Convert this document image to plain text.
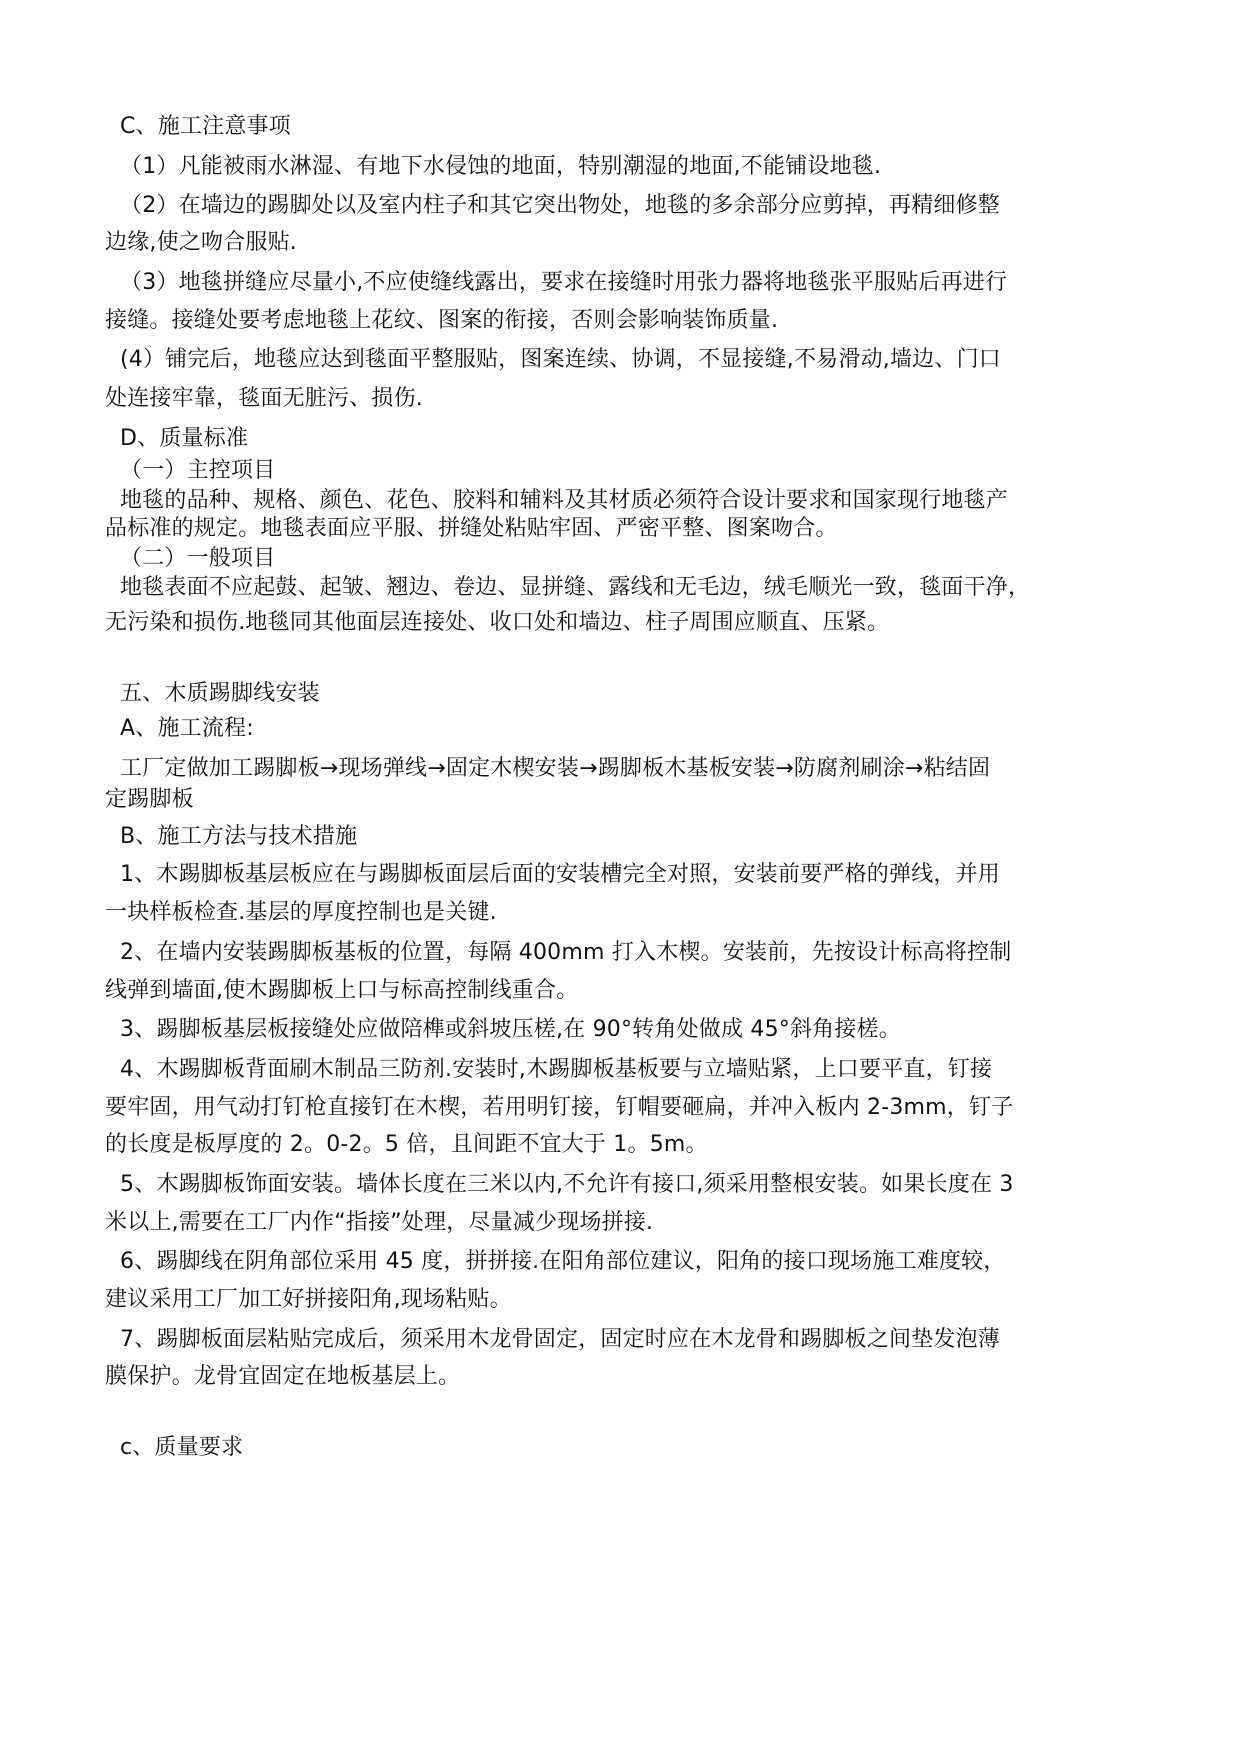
C、施工注意事项
（1）凡能被雨水淋湿、有地下水侵蚀的地面，特别潮湿的地面,不能铺设地毯.
（2）在墙边的踢脚处以及室内柱子和其它突出物处，地毯的多余部分应剪掉，再精细修整
边缘,使之吻合服贴.
（3）地毯拼缝应尽量小,不应使缝线露出，要求在接缝时用张力器将地毯张平服贴后再进行
接缝。接缝处要考虑地毯上花纹、图案的衔接，否则会影响装饰质量.
(4）铺完后，地毯应达到毯面平整服贴，图案连续、协调，不显接缝,不易滑动,墙边、门口
处连接牢靠，毯面无脏污、损伤.
D、质量标准
（一）主控项目
地毯的品种、规格、颜色、花色、胶料和辅料及其材质必须符合设计要求和国家现行地毯产
品标准的规定。地毯表面应平服、拼缝处粘贴牢固、严密平整、图案吻合。
（二）一般项目
地毯表面不应起鼓、起皱、翘边、卷边、显拼缝、露线和无毛边，绒毛顺光一致，毯面干净，
无污染和损伤.地毯同其他面层连接处、收口处和墙边、柱子周围应顺直、压紧。
五、木质踢脚线安装
A、施工流程:
工厂定做加工踢脚板→现场弹线→固定木楔安装→踢脚板木基板安装→防腐剂刷涂→粘结固
定踢脚板
B、施工方法与技术措施
1、木踢脚板基层板应在与踢脚板面层后面的安装槽完全对照，安装前要严格的弹线，并用
一块样板检查.基层的厚度控制也是关键.
2、在墙内安装踢脚板基板的位置，每隔 400mm 打入木楔。安装前，先按设计标高将控制
线弹到墙面,使木踢脚板上口与标高控制线重合。
3、踢脚板基层板接缝处应做陪榫或斜坡压槎,在 90°转角处做成 45°斜角接槎。
4、木踢脚板背面刷木制品三防剂.安装时,木踢脚板基板要与立墙贴紧，上口要平直，钉接
要牢固，用气动打钉枪直接钉在木楔，若用明钉接，钉帽要砸扁，并冲入板内 2-3mm，钉子
的长度是板厚度的 2。0-2。5 倍，且间距不宜大于 1。5m。
5、木踢脚板饰面安装。墙体长度在三米以内,不允许有接口,须采用整根安装。如果长度在 3
米以上,需要在工厂内作“指接”处理，尽量减少现场拼接.
6、踢脚线在阴角部位采用 45 度，拼拼接.在阳角部位建议，阳角的接口现场施工难度较，
建议采用工厂加工好拼接阳角,现场粘贴。
7、踢脚板面层粘贴完成后，须采用木龙骨固定，固定时应在木龙骨和踢脚板之间垫发泡薄
膜保护。龙骨宜固定在地板基层上。
c、质量要求
